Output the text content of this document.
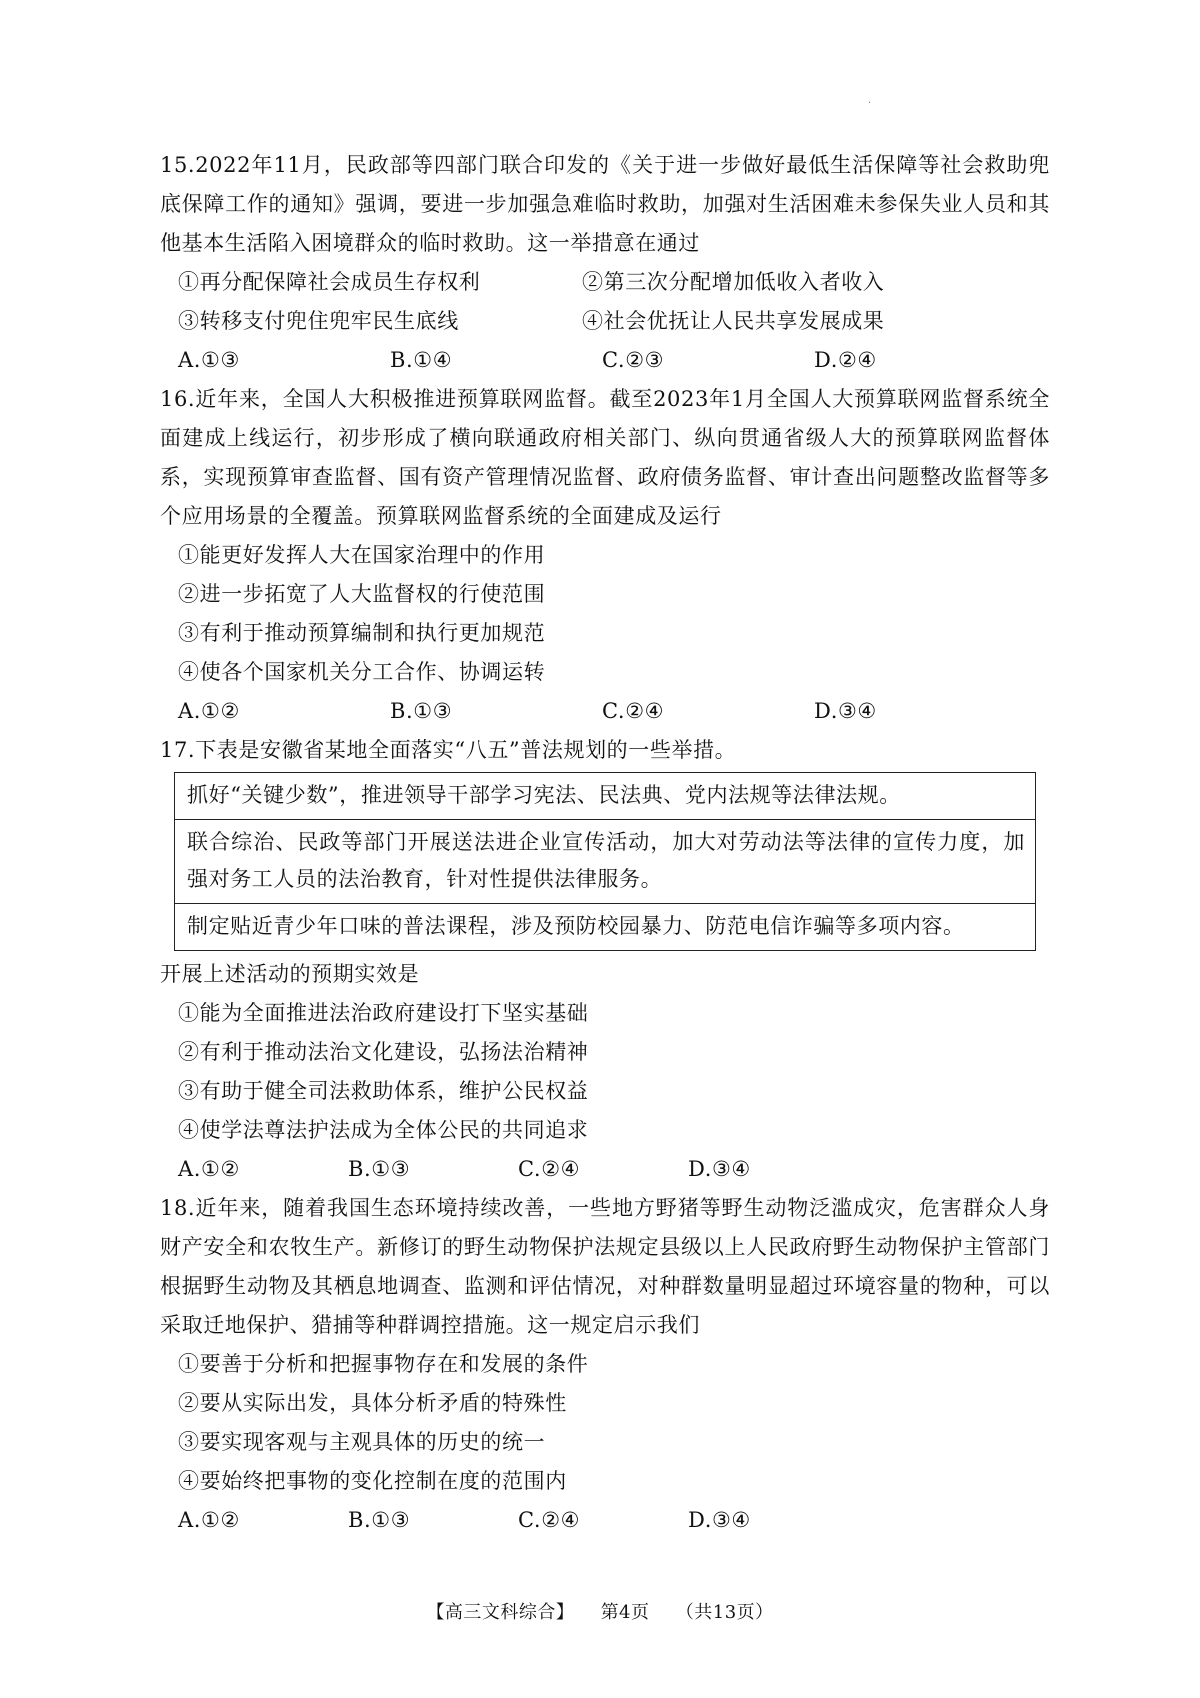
·

15.2022年11月，民政部等四部门联合印发的《关于进一步做好最低生活保障等社会救助兜底保障工作的通知》强调，要进一步加强急难临时救助，加强对生活困难未参保失业人员和其他基本生活陷入困境群众的临时救助。这一举措意在通过

①再分配保障社会成员生存权利	②第三次分配增加低收入者收入
③转移支付兜住兜牢民生底线	④社会优抚让人民共享发展成果
A.①③	B.①④	C.②③	D.②④

16.近年来，全国人大积极推进预算联网监督。截至2023年1月全国人大预算联网监督系统全面建成上线运行，初步形成了横向联通政府相关部门、纵向贯通省级人大的预算联网监督体系，实现预算审查监督、国有资产管理情况监督、政府债务监督、审计查出问题整改监督等多个应用场景的全覆盖。预算联网监督系统的全面建成及运行

①能更好发挥人大在国家治理中的作用

②进一步拓宽了人大监督权的行使范围

③有利于推动预算编制和执行更加规范

④使各个国家机关分工合作、协调运转

A.①②	B.①③	C.②④	D.③④

17.下表是安徽省某地全面落实“八五”普法规划的一些举措。

抓好“关键少数”，推进领导干部学习宪法、民法典、党内法规等法律法规。
联合综治、民政等部门开展送法进企业宣传活动，加大对劳动法等法律的宣传力度，加强对务工人员的法治教育，针对性提供法律服务。
制定贴近青少年口味的普法课程，涉及预防校园暴力、防范电信诈骗等多项内容。

开展上述活动的预期实效是

①能为全面推进法治政府建设打下坚实基础

②有利于推动法治文化建设，弘扬法治精神

③有助于健全司法救助体系，维护公民权益

④使学法尊法护法成为全体公民的共同追求

A.①②	B.①③	C.②④	D.③④

18.近年来，随着我国生态环境持续改善，一些地方野猪等野生动物泛滥成灾，危害群众人身财产安全和农牧生产。新修订的野生动物保护法规定县级以上人民政府野生动物保护主管部门根据野生动物及其栖息地调查、监测和评估情况，对种群数量明显超过环境容量的物种，可以采取迁地保护、猎捕等种群调控措施。这一规定启示我们

①要善于分析和把握事物存在和发展的条件

②要从实际出发，具体分析矛盾的特殊性

③要实现客观与主观具体的历史的统一

④要始终把事物的变化控制在度的范围内

A.①②	B.①③	C.②④	D.③④
【高三文科综合】 第4页 （共13页）
